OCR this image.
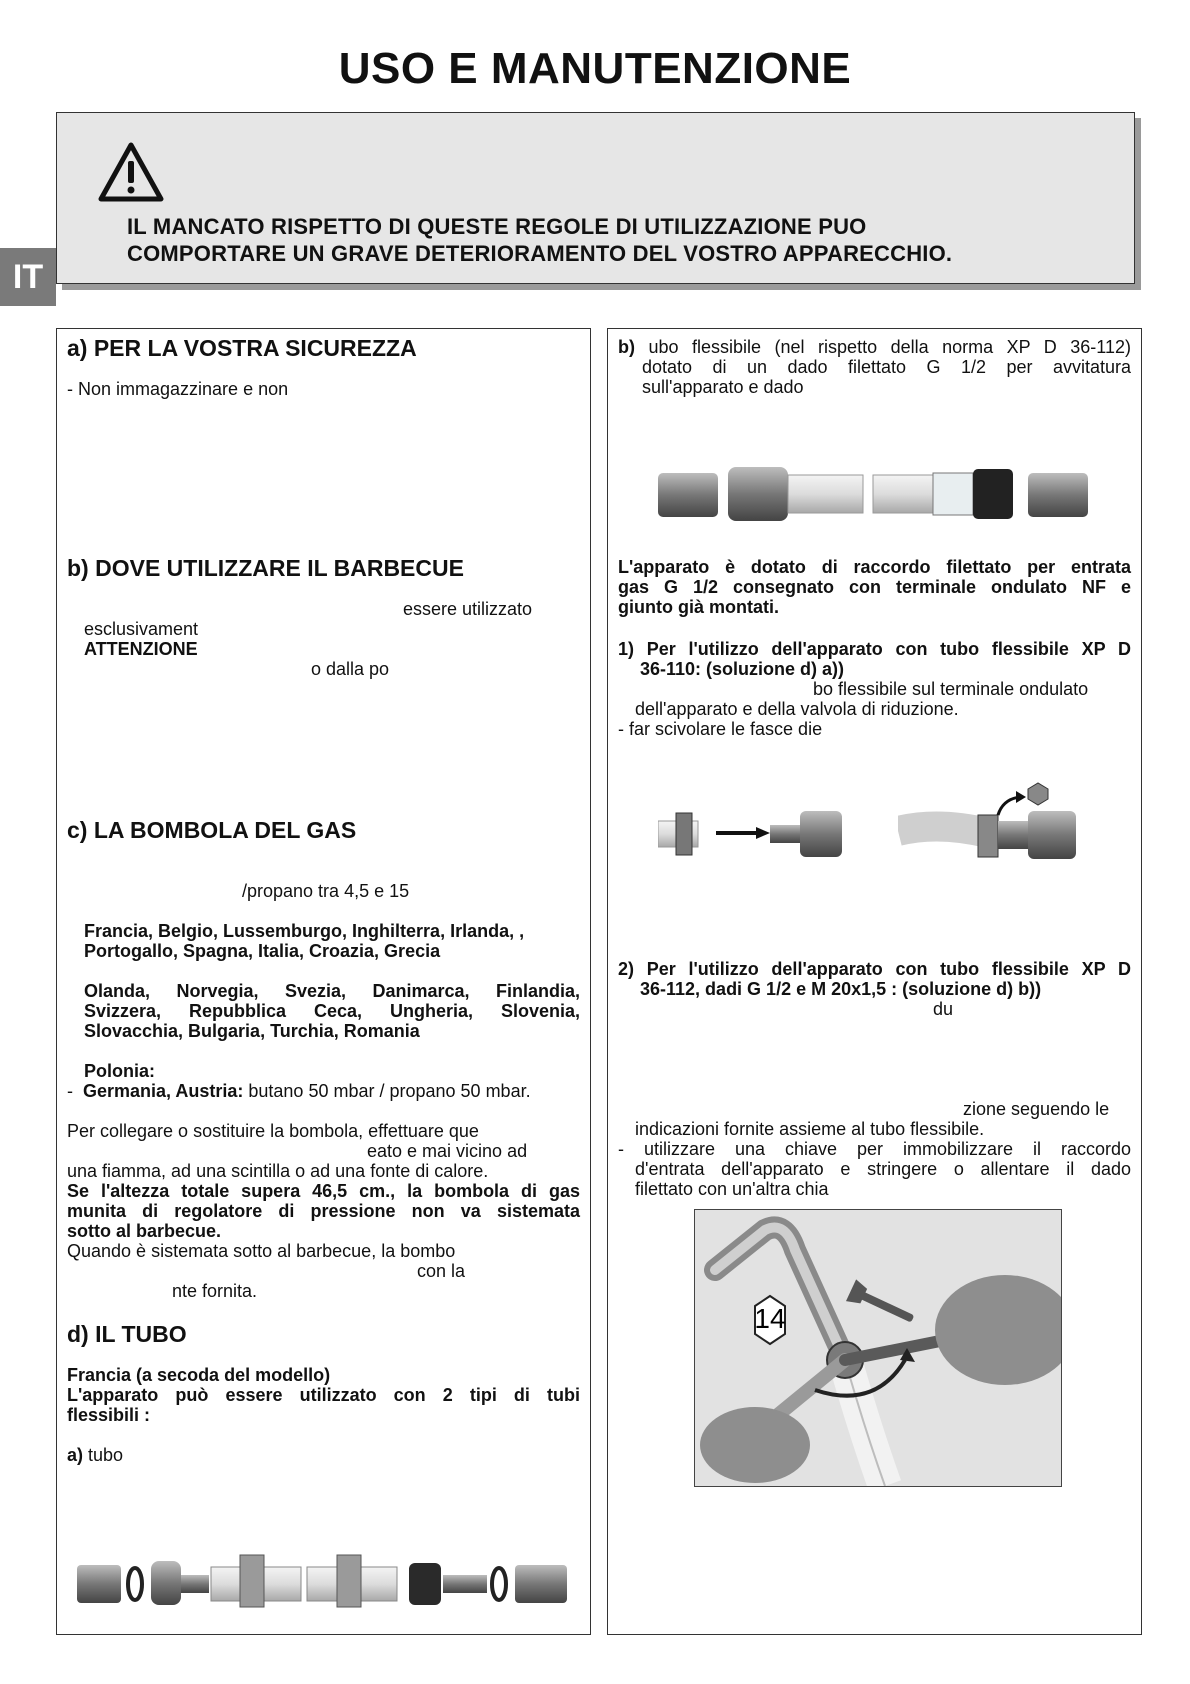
USO E MANUTENZIONE
IL MANCATO RISPETTO DI QUESTE REGOLE DI UTILIZZAZIONE PUO
COMPORTARE UN GRAVE DETERIORAMENTO DEL VOSTRO APPARECCHIO.
IT
a) PER LA VOSTRA SICUREZZA
- Non immagazzinare e non
b) DOVE UTILIZZARE IL BARBECUE
essere utilizzato
esclusivament
ATTENZIONE
o dalla po
c) LA BOMBOLA DEL GAS
/propano tra 4,5 e 15
Francia, Belgio, Lussemburgo, Inghilterra, Irlanda, ,
Portogallo, Spagna, Italia, Croazia, Grecia
Olanda, Norvegia, Svezia, Danimarca, Finlandia,
Svizzera, Repubblica Ceca, Ungheria, Slovenia,
Slovacchia, Bulgaria, Turchia, Romania
Polonia:
-  Germania, Austria: butano 50 mbar / propano 50 mbar.
Per collegare o sostituire la bombola, effettuare que
eato e mai vicino ad
una fiamma, ad una scintilla o ad una fonte di calore.
Se l'altezza totale supera 46,5 cm., la bombola di gas
munita di regolatore di pressione non va sistemata
sotto al barbecue.
Quando è sistemata sotto al barbecue, la bombo
con la
nte fornita.
d) IL TUBO
Francia (a secoda del modello)
L'apparato può essere utilizzato con 2 tipi di tubi
flessibili :
a) tubo
b) ubo flessibile (nel rispetto della norma XP D 36-112)
dotato di un dado filettato G 1/2 per avvitatura
sull'apparato e dado
L'apparato è dotato di raccordo filettato per entrata
gas G 1/2 consegnato con terminale ondulato NF e
giunto già montati.
1) Per l'utilizzo dell'apparato con tubo flessibile XP D
36-110: (soluzione d) a))
bo flessibile sul terminale ondulato
dell'apparato e della valvola di riduzione.
- far scivolare le fasce die
2) Per l'utilizzo dell'apparato con tubo flessibile XP D
36-112, dadi G 1/2 e M 20x1,5 : (soluzione d) b))
du
zione seguendo le
indicazioni fornite assieme al tubo flessibile.
- utilizzare una chiave per immobilizzare il raccordo
d'entrata dell'apparato e stringere o allentare il dado
filettato con un'altra chia
14
